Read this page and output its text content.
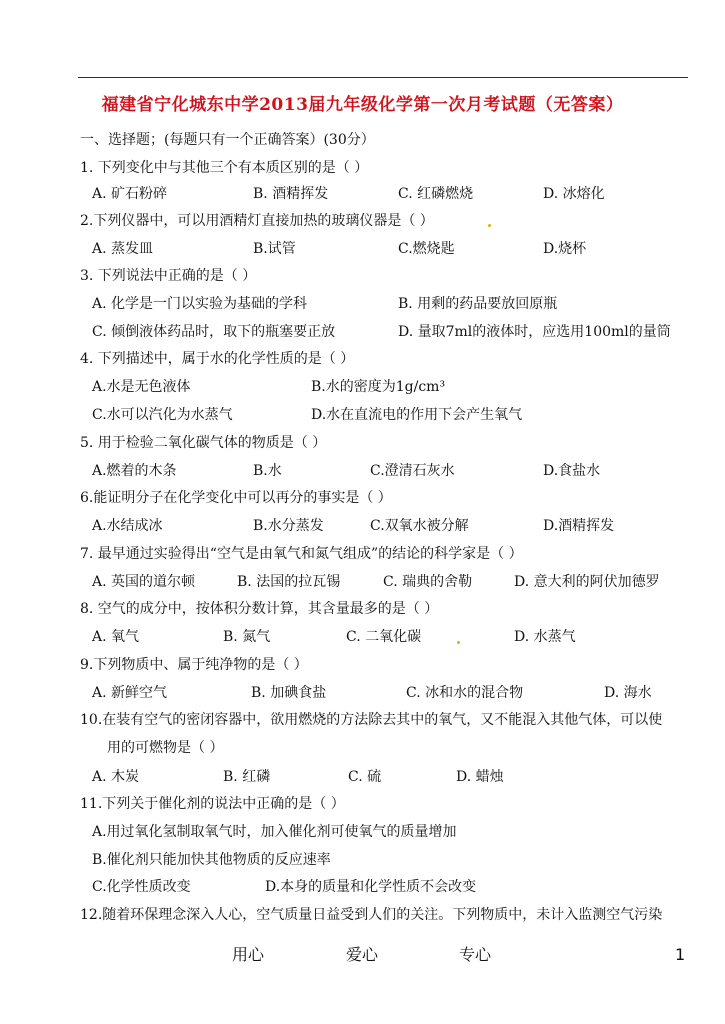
福建省宁化城东中学2013届九年级化学第一次月考试题（无答案）
一、选择题；(每题只有一个正确答案）(30分）
1. 下列变化中与其他三个有本质区别的是（ ）
A. 矿石粉碎	B. 酒精挥发	C. 红磷燃烧	D. 冰熔化
2.下列仪器中，可以用酒精灯直接加热的玻璃仪器是（ ）
A. 蒸发皿	B.试管	C.燃烧匙	D.烧杯
3. 下列说法中正确的是（ ）
A. 化学是一门以实验为基础的学科	B. 用剩的药品要放回原瓶
C. 倾倒液体药品时，取下的瓶塞要正放	D. 量取7ml的液体时，应选用100ml的量筒
4. 下列描述中，属于水的化学性质的是（ ）
A.水是无色液体	B.水的密度为1g/cm³
C.水可以汽化为水蒸气	D.水在直流电的作用下会产生氧气
5. 用于检验二氧化碳气体的物质是（ ）
A.燃着的木条	B.水	C.澄清石灰水	D.食盐水
6.能证明分子在化学变化中可以再分的事实是（ ）
A.水结成冰	B.水分蒸发	C.双氧水被分解	D.酒精挥发
7. 最早通过实验得出“空气是由氧气和氮气组成”的结论的科学家是（ ）
A. 英国的道尔顿	B. 法国的拉瓦锡	C. 瑞典的舍勒	D. 意大利的阿伏加德罗
8. 空气的成分中，按体积分数计算，其含量最多的是（ ）
A. 氧气	B. 氮气	C. 二氧化碳	D. 水蒸气
9.下列物质中、属于纯净物的是（ ）
A. 新鲜空气	B. 加碘食盐	C. 冰和水的混合物	D. 海水
10.在装有空气的密闭容器中，欲用燃烧的方法除去其中的氧气，又不能混入其他气体，可以使
用的可燃物是（ ）
A. 木炭	B. 红磷	C. 硫	D. 蜡烛
11.下列关于催化剂的说法中正确的是（ ）
A.用过氧化氢制取氧气时，加入催化剂可使氧气的质量增加
B.催化剂只能加快其他物质的反应速率
C.化学性质改变	D.本身的质量和化学性质不会改变
12.随着环保理念深入人心，空气质量日益受到人们的关注。下列物质中，未计入监测空气污染
用心	爱心	专心	1
